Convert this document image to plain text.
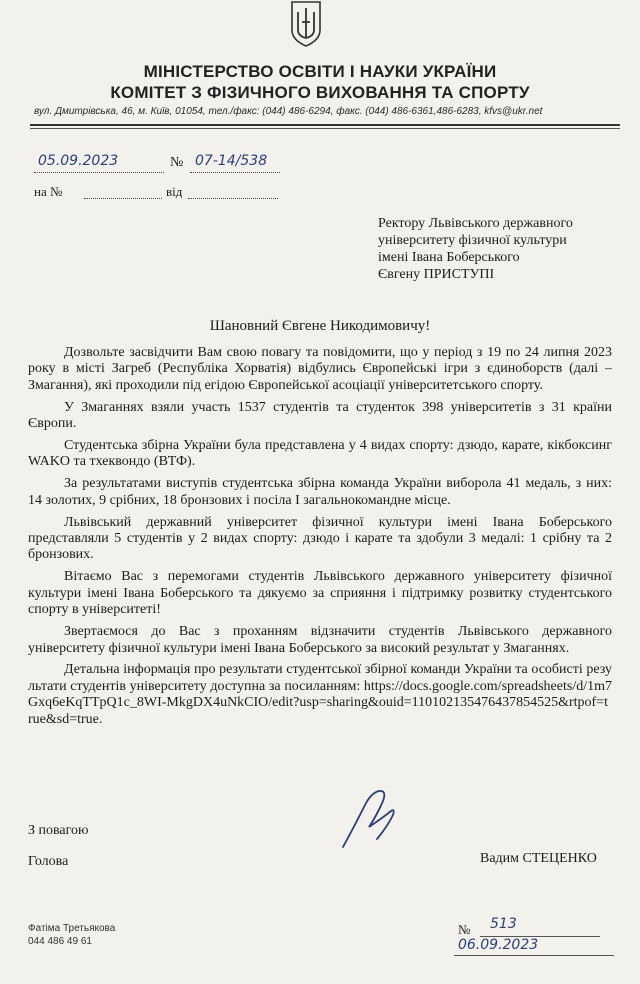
МІНІСТЕРСТВО ОСВІТИ І НАУКИ УКРАЇНИ
КОМІТЕТ З ФІЗИЧНОГО ВИХОВАННЯ ТА СПОРТУ
вул. Дмитрівська, 46, м. Київ, 01054, тел./факс: (044) 486-6294, факс. (044) 486-6361,486-6283, kfvs@ukr.net
05.09.2023	№ 07-14/538
на №	від
Ректору Львівського державного
університету фізичної культури
імені Івана Боберського
Євгену ПРИСТУПІ
Шановний Євгене Никодимовичу!

Дозвольте засвідчити Вам свою повагу та повідомити, що у період з 19 по 24 липня 2023 року в місті Загреб (Республіка Хорватія) відбулись Європейські ігри з єдиноборств (далі – Змагання), які проходили під егідою Європейської асоціації університетського спорту.

У Змаганнях взяли участь 1537 студентів та студенток 398 університетів з 31 країни Європи.

Студентська збірна України була представлена у 4 видах спорту: дзюдо, карате, кікбоксинг WAKO та тхеквондо (ВТФ).

За результатами виступів студентська збірна команда України виборола 41 медаль, з них: 14 золотих, 9 срібних, 18 бронзових і посіла І загальнокомандне місце.

Львівський державний університет фізичної культури імені Івана Боберського представляли 5 студентів у 2 видах спорту: дзюдо і карате та здобули 3 медалі: 1 срібну та 2 бронзових.

Вітаємо Вас з перемогами студентів Львівського державного університету фізичної культури імені Івана Боберського та дякуємо за сприяння і підтримку розвитку студентського спорту в університеті!

Звертаємося до Вас з проханням відзначити студентів Львівського державного університету фізичної культури імені Івана Боберського за високий результат у Змаганнях.

Детальна інформація про результати студентської збірної команди України та особисті результати студентів університету доступна за посиланням: https://docs.google.com/spreadsheets/d/1m7Gxq6eKqTTpQ1c_8WI-MkgDX4uNkCIO/edit?usp=sharing&ouid=110102135476437854525&rtpof=true&sd=true.

З повагою
Голова	Вадим СТЕЦЕНКО
Фатіма Третьякова
044 486 49 61
№ 513
06.09.2023
